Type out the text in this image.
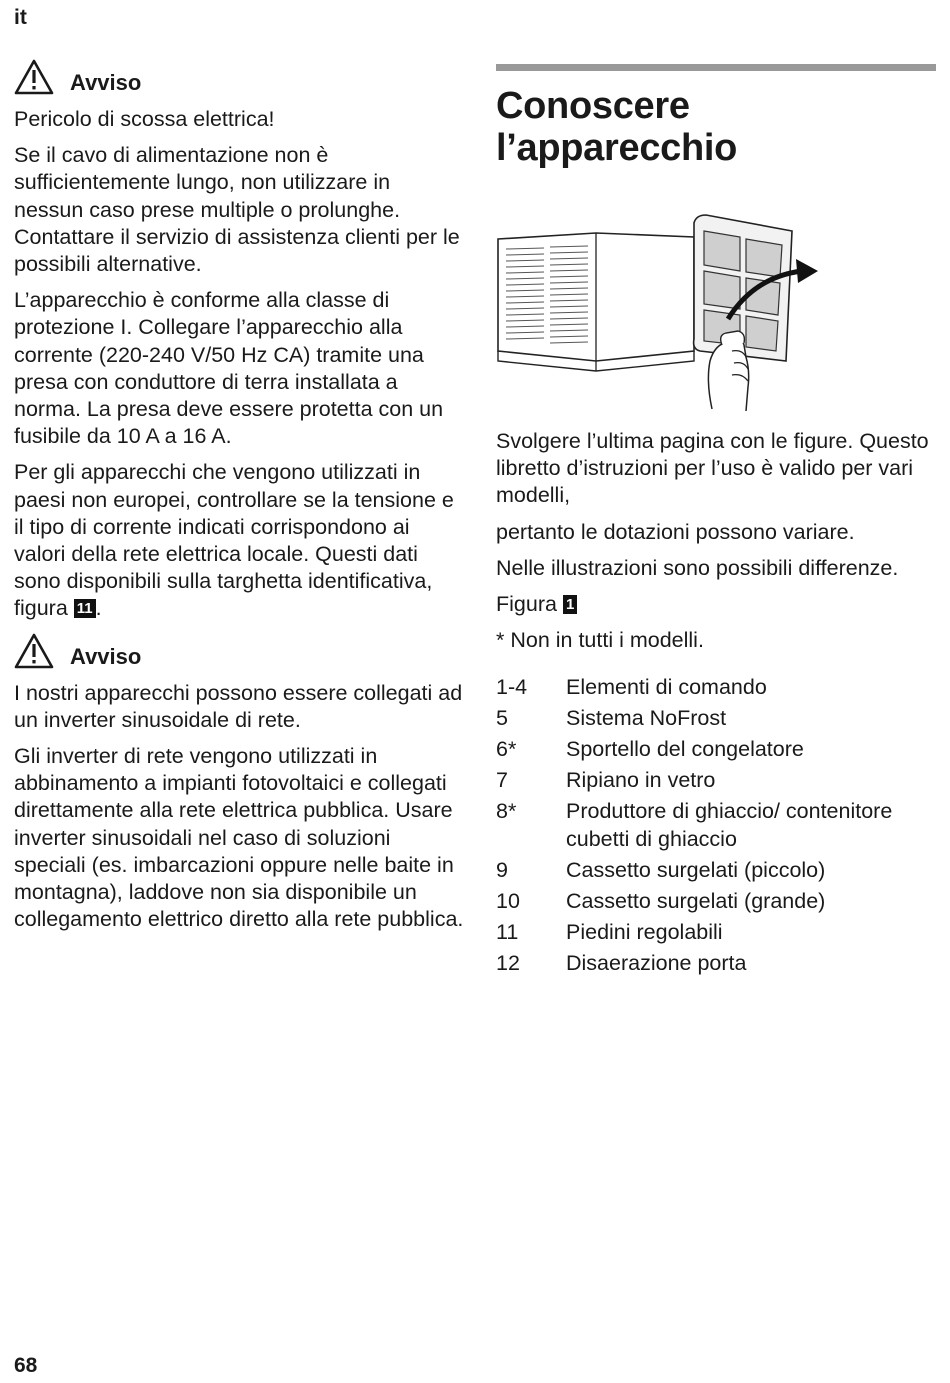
it
Avviso

Pericolo di scossa elettrica!

Se il cavo di alimentazione non è sufficientemente lungo, non utilizzare in nessun caso prese multiple o prolunghe. Contattare il servizio di assistenza clienti per le possibili alternative.

L’apparecchio è conforme alla classe di protezione I. Collegare l’apparecchio alla corrente (220-240 V/50 Hz CA) tramite una presa con conduttore di terra installata a norma. La presa deve essere protetta con un fusibile da 10 A a 16 A.

Per gli apparecchi che vengono utilizzati in paesi non europei, controllare se la tensione e il tipo di corrente indicati corrispondono ai valori della rete elettrica locale. Questi dati sono disponibili sulla targhetta identificativa, figura 11 .

Avviso

I nostri apparecchi possono essere collegati ad un inverter sinusoidale di rete.

Gli inverter di rete vengono utilizzati in abbinamento a impianti fotovoltaici e collegati direttamente alla rete elettrica pubblica. Usare inverter sinusoidali nel caso di soluzioni speciali (es. imbarcazioni oppure nelle baite in montagna), laddove non sia disponibile un collegamento elettrico diretto alla rete pubblica.

Conoscere
l’apparecchio

Svolgere l’ultima pagina con le figure. Questo libretto d’istruzioni per l’uso è valido per vari modelli,

pertanto le dotazioni possono variare.

Nelle illustrazioni sono possibili differenze.

Figura 1

* Non in tutti i modelli.

1-4	Elementi di comando
5	Sistema NoFrost
6*	Sportello del congelatore
7	Ripiano in vetro
8*	Produttore di ghiaccio/ contenitore cubetti di ghiaccio
9	Cassetto surgelati (piccolo)
10	Cassetto surgelati (grande)
11	Piedini regolabili
12	Disaerazione porta
68
